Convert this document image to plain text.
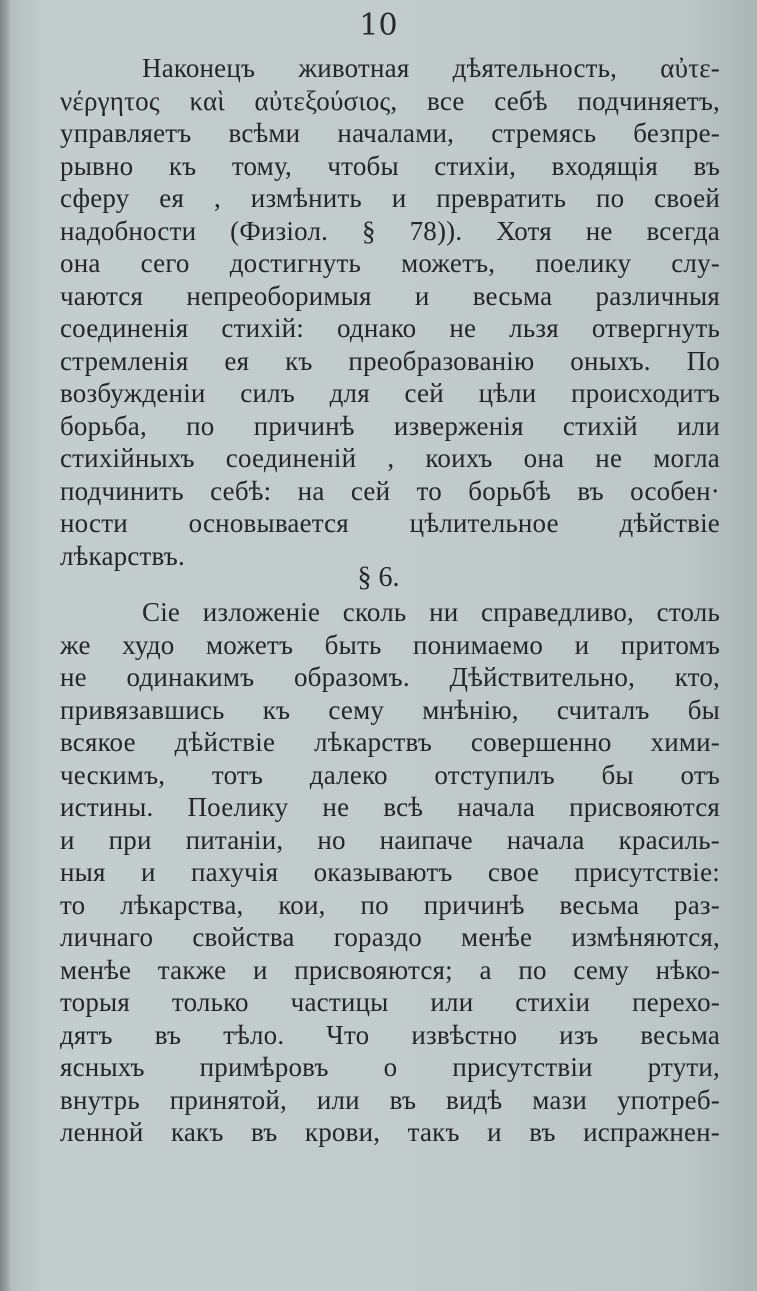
10
Наконецъ животная дѣятельность, αὐτε-
νέργητος καὶ αὐτεξούσιος, все себѣ подчиняетъ,
управляетъ всѣми началами, стремясь безпре-
рывно къ тому, чтобы стихіи, входящія въ
сферу ея , измѣнить и превратить по своей
надобности (Физіол. § 78)). Хотя не всегда
она сего достигнуть можетъ, поелику слу-
чаются непреоборимыя и весьма различныя
соединенія стихій: однако не льзя отвергнуть
стремленія ея къ преобразованію оныхъ. По
возбужденіи силъ для сей цѣли происходитъ
борьба, по причинѣ изверженія стихій или
стихійныхъ соединеній , коихъ она не могла
подчинить себѣ: на сей то борьбѣ въ особен·
ности основывается цѣлительное дѣйствіе
лѣкарствъ.
§ 6.
Сіе изложеніе сколь ни справедливо, столь
же худо можетъ быть понимаемо и притомъ
не одинакимъ образомъ. Дѣйствительно, кто,
привязавшись къ сему мнѣнію, считалъ бы
всякое дѣйствіе лѣкарствъ совершенно хими-
ческимъ, тотъ далеко отступилъ бы отъ
истины. Поелику не всѣ начала присвояются
и при питаніи, но наипаче начала красиль-
ныя и пахучія оказываютъ свое присутствіе:
то лѣкарства, кои, по причинѣ весьма раз-
личнаго свойства гораздо менѣе измѣняются,
менѣе также и присвояются; а по сему нѣко-
торыя только частицы или стихіи перехо-
дятъ въ тѣло. Что извѣстно изъ весьма
ясныхъ примѣровъ о присутствіи ртути,
внутрь принятой, или въ видѣ мази употреб-
ленной какъ въ крови, такъ и въ испражнен-
